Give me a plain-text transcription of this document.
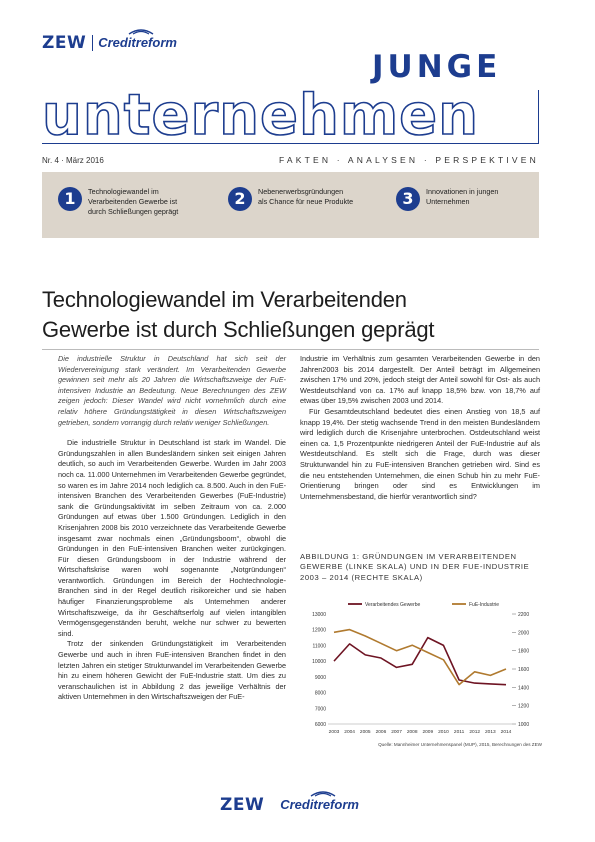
ZEW Creditreform
JUNGE
unternehmen
Nr. 4 · März 2016	FAKTEN · ANALYSEN · PERSPEKTIVEN
1	Technologiewandel im
Verarbeitenden Gewerbe ist
durch Schließungen geprägt
2	Nebenerwerbsgründungen
als Chance für neue Produkte	3	Innovationen in jungen
Unternehmen
Technologiewandel im Verarbeitenden
Gewerbe ist durch Schließungen geprägt

Die industrielle Struktur in Deutschland hat sich seit der Wiedervereinigung stark verändert. Im Verarbeitenden Gewerbe gewinnen seit mehr als 20 Jahren die Wirtschaftszweige der FuE-intensiven Industrie an Bedeutung. Neue Berechnungen des ZEW zeigen jedoch: Dieser Wandel wird nicht vornehmlich durch eine relativ höhere Gründungstätigkeit in diesen Wirtschaftszweigen getrieben, sondern vorrangig durch relativ weniger Schließungen.

Die industrielle Struktur in Deutschland ist stark im Wandel. Die Gründungszahlen in allen Bundesländern sinken seit einigen Jahren deutlich, so auch im Verarbeitenden Gewerbe. Wurden im Jahr 2003 noch ca. 11.000 Unternehmen im Verarbeitenden Gewerbe gegründet, so waren es im Jahre 2014 noch lediglich ca. 8.500. Auch in den FuE-intensiven Branchen des Verarbeitenden Gewerbes (FuE-Industrie) sank die Gründungsaktivität im selben Zeitraum von ca. 2.000 Gründungen auf etwas über 1.500 Gründungen. Lediglich in den Krisenjahren 2008 bis 2010 verzeichnete das Verarbeitende Gewerbe insgesamt zwar nochmals einen „Gründungsboom“, obwohl die Gründungen in den FuE-intensiven Branchen weiter zurückgingen. Für diesen Gründungsboom in der Industrie während der Wirtschaftskrise waren wohl sogenannte „Notgründungen“ verantwortlich. Gründungen im Bereich der Hochtechnologie-Branchen sind in der Regel deutlich risikoreicher und sie haben häufiger Finanzierungsprobleme als Unternehmen anderer Wirtschaftszweige, da ihr Geschäftserfolg auf vielen intangiblen Vermögensgegenständen beruht, welche nur schwer zu bewerten sind.

Trotz der sinkenden Gründungstätigkeit im Verarbeitenden Gewerbe und auch in ihren FuE-intensiven Branchen findet in den letzten Jahren ein stetiger Strukturwandel im Verarbeitenden Gewerbe hin zu einem höheren Gewicht der FuE-Industrie statt. Um dies zu veranschaulichen ist in Abbildung 2 das jeweilige Verhältnis der aktiven Unternehmen in den Wirtschaftszweigen der FuE-

Industrie im Verhältnis zum gesamten Verarbeitenden Gewerbe in den Jahren2003 bis 2014 dargestellt. Der Anteil beträgt im Allgemeinen zwischen 17% und 20%, jedoch steigt der Anteil sowohl für Ost- als auch Westdeutschland von ca. 17% auf knapp 18,5% bzw. von 18,7% auf etwas über 19,5% zwischen 2003 und 2014.

Für Gesamtdeutschland bedeutet dies einen Anstieg von 18,5 auf knapp 19,4%. Der stetig wachsende Trend in den meisten Bundesländern wird lediglich durch die Krisenjahre unterbrochen. Ostdeutschland weist einen ca. 1,5 Prozentpunkte niedrigeren Anteil der FuE-Industrie auf als Westdeutschland. Es stellt sich die Frage, durch was dieser Strukturwandel hin zu FuE-intensiven Branchen getrieben wird. Sind es die neu entstehenden Unternehmen, die einen Schub hin zu mehr FuE-Orientierung bringen oder sind es Entwicklungen im Unternehmensbestand, die hierfür verantwortlich sind?

ABBILDUNG 1: GRÜNDUNGEN IM VERARBEITENDEN GEWERBE (LINKE SKALA) UND IN DER FUE-INDUSTRIE 2003 – 2014 (RECHTE SKALA)
6000
7000
8000
9000
10000
11000
12000
13000
1000
1200
1400
1600
1800
2000
2200
2003 2004 2005 2006 2007 2008 2009 2010 2011 2012 2013 2014
Verarbeitendes Gewerbe	FuE-Industrie
Quelle: Mannheimer Unternehmenspanel (MUP), 2015, Berechnungen des ZEW
ZEW Creditreform
